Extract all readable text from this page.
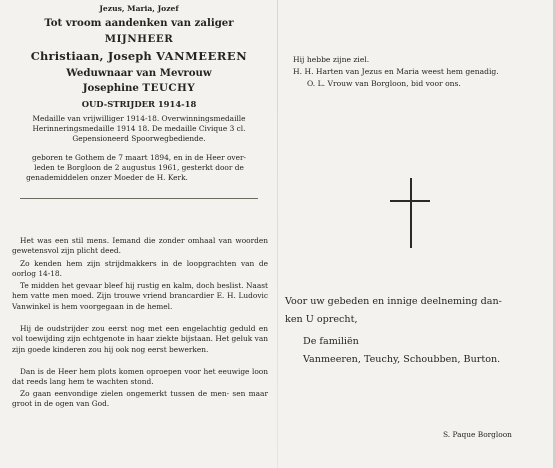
Jezus, Maria, Jozef
Tot vroom aandenken van zaliger
MIJNHEER
Christiaan, Joseph VANMEEREN
Weduwnaar van Mevrouw
Josephine TEUCHY
OUD-STRIJDER 1914-18
Medaille van vrijwilliger 1914-18. Overwinningsmedaille
Herinneringsmedaille 1914 18. De medaille Civique 3 cl.
Gepensioneerd Spoorwegbediende.
geboren te Gothem de 7 maart 1894, en in de Heer over-
leden te Borgloon de 2 augustus 1961, gesterkt door de
genademiddelen onzer Moeder de H. Kerk.
Het was een stil mens. Iemand die zonder omhaal van woorden gewetensvol zijn plicht deed.
Zo kenden hem zijn strijdmakkers in de loopgrachten van de oorlog 14-18.
Te midden het gevaar bleef hij rustig en kalm, doch beslist. Naast hem vatte men moed. Zijn trouwe vriend brancardier E. H. Ludovic Vanwinkel is hem voorgegaan in de hemel.
Hij de oudstrijder zou eerst nog met een engelachtig geduld en vol toewijding zijn echtgenote in haar ziekte bijstaan. Het geluk van zijn goede kinderen zou hij ook nog eerst bewerken.
Dan is de Heer hem plots komen oproepen voor het eeuwige loon dat reeds lang hem te wachten stond.
Zo gaan eenvondige zielen ongemerkt tussen de men- sen maar groot in de ogen van God.
Hij hebbe zijne ziel.
H. H. Harten van Jezus en Maria weest hem genadig.
O. L. Vrouw van Borgloon, bid voor ons.
Voor uw gebeden en innige deelneming dan-
ken U oprecht,
De familiën
Vanmeeren, Teuchy, Schoubben, Burton.
S. Paque Borgloon
